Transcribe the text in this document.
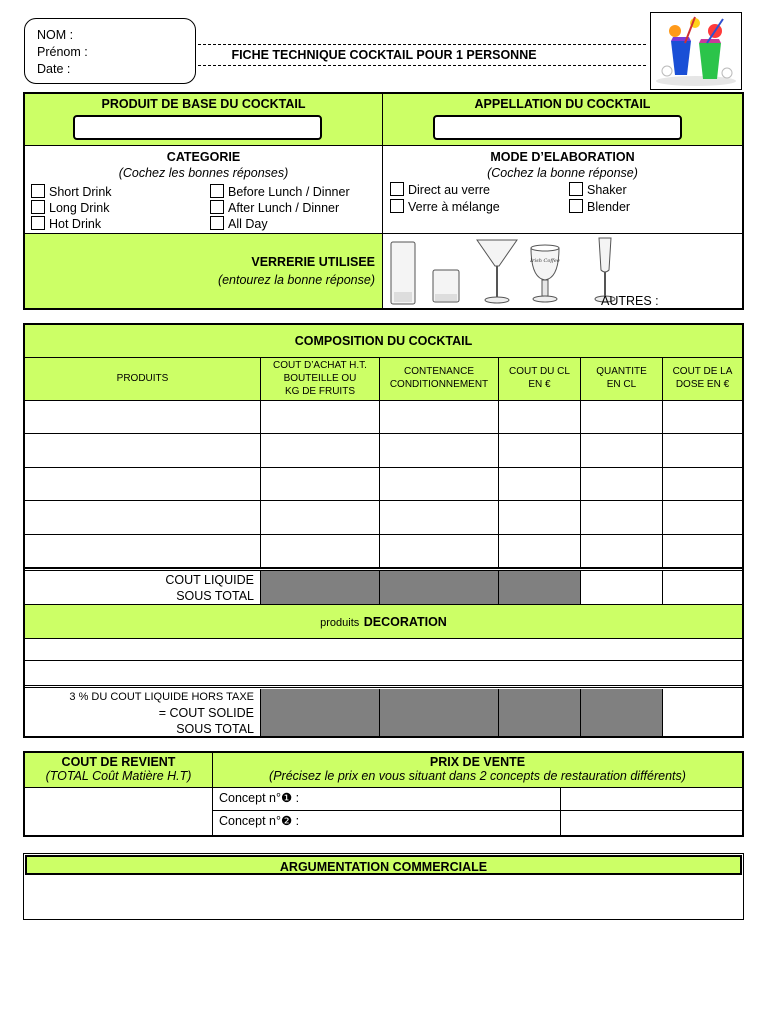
NOM :
Prénom :
Date :
FICHE TECHNIQUE COCKTAIL POUR 1 PERSONNE
PRODUIT DE BASE DU COCKTAIL	APPELLATION DU COCKTAIL
CATEGORIE
(Cochez les bonnes réponses)
Short Drink
Long Drink
Hot Drink
Before Lunch / Dinner
After Lunch / Dinner
All Day
MODE D’ELABORATION
(Cochez la bonne réponse)
Direct au verre
Verre à mélange
Shaker
Blender
VERRERIE UTILISEE
(entourez la bonne réponse)
Irish Coffee
AUTRES :
COMPOSITION DU COCKTAIL
PRODUITS
COUT D’ACHAT H.T.
BOUTEILLE OU
KG DE FRUITS
CONTENANCE
CONDITIONNEMENT
COUT DU CL
EN €
QUANTITE
EN CL
COUT DE LA
DOSE EN €
COUT LIQUIDE
SOUS TOTAL
produits DECORATION
3 % DU COUT LIQUIDE HORS TAXE
= COUT SOLIDE
SOUS TOTAL
COUT DE REVIENT
(TOTAL Coût Matière H.T)
PRIX DE VENTE
(Précisez le prix en vous situant dans 2 concepts de restauration différents)
Concept n°❶ :
Concept n°❷ :
ARGUMENTATION COMMERCIALE
